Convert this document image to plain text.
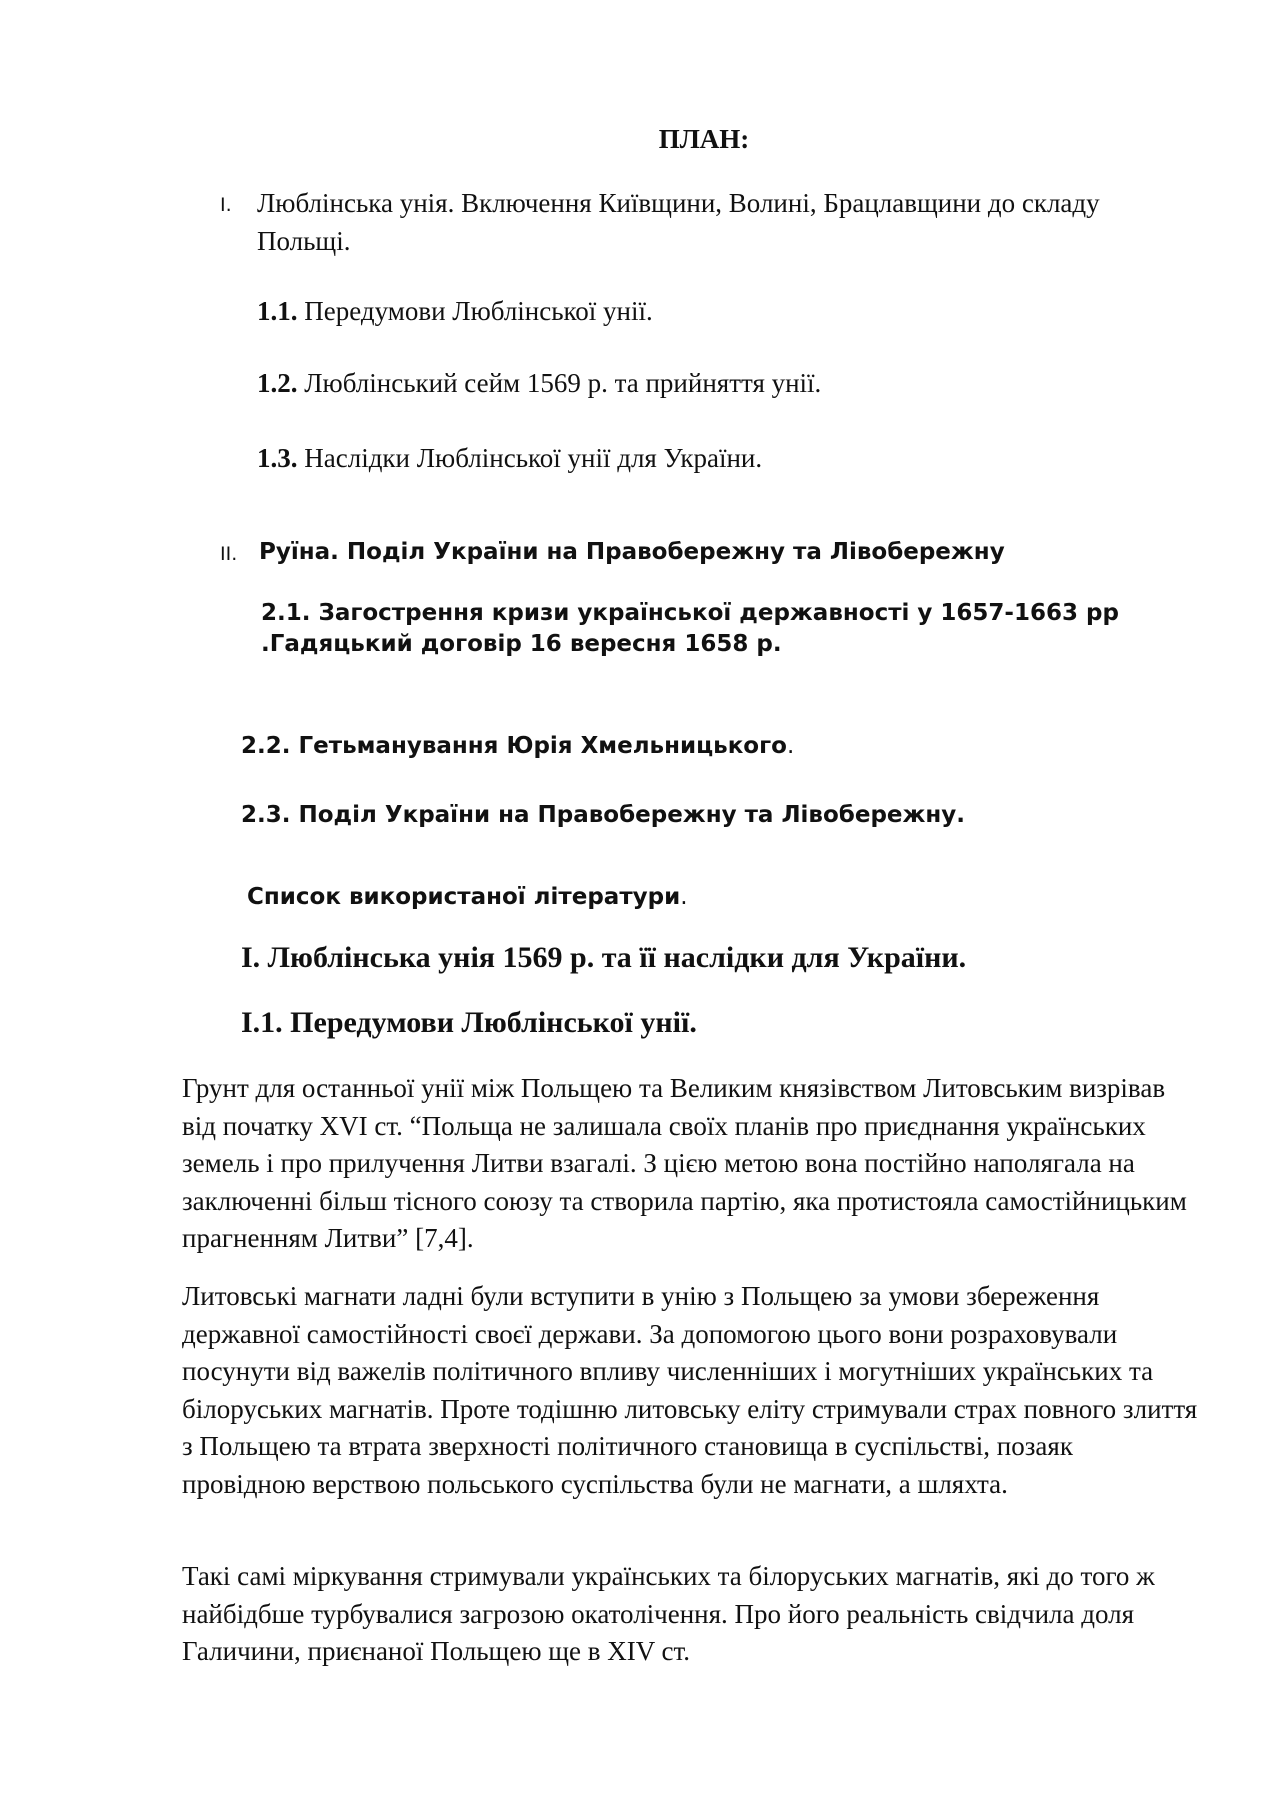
ПЛАН:
I. Люблінська унія. Включення Київщини, Волині, Брацлавщини до складу Польщі.
1.1. Передумови Люблінської унії.
1.2. Люблінський сейм 1569 р. та прийняття унії.
1.3. Наслідки Люблінської унії для України.
II. Руїна. Поділ України на Правобережну та Лівобережну
2.1. Загострення кризи української державності у 1657-1663 рр .Гадяцький договір 16 вересня 1658 р.
2.2. Гетьманування Юрія Хмельницького.
2.3. Поділ України на Правобережну та Лівобережну.
Список використаної літератури.
І. Люблінська унія 1569 р. та її наслідки для України.
І.1. Передумови Люблінської унії.

Грунт для останньої унії між Польщею та Великим князівством Литовським визрівав від початку XVI ст. “Польща не залишала своїх планів про приєднання українських земель і про прилучення Литви взагалі. З цією метою вона постійно наполягала на заключенні більш тісного союзу та створила партію, яка протистояла самостійницьким прагненням Литви” [7,4].

Литовські магнати ладні були вступити в унію з Польщею за умови збереження державної самостійності своєї держави. За допомогою цього вони розраховували посунути від важелів політичного впливу численніших і могутніших українських та білоруських магнатів. Проте тодішню литовську еліту стримували страх повного злиття з Польщею та втрата зверхності політичного становища в суспільстві, позаяк провідною верствою польського суспільства були не магнати, а шляхта.

Такі самі міркування стримували українських та білоруських магнатів, які до того ж найбідбше турбувалися загрозою окатолічення. Про його реальність свідчила доля Галичини, приєнаної Польщею ще в XIV ст.
